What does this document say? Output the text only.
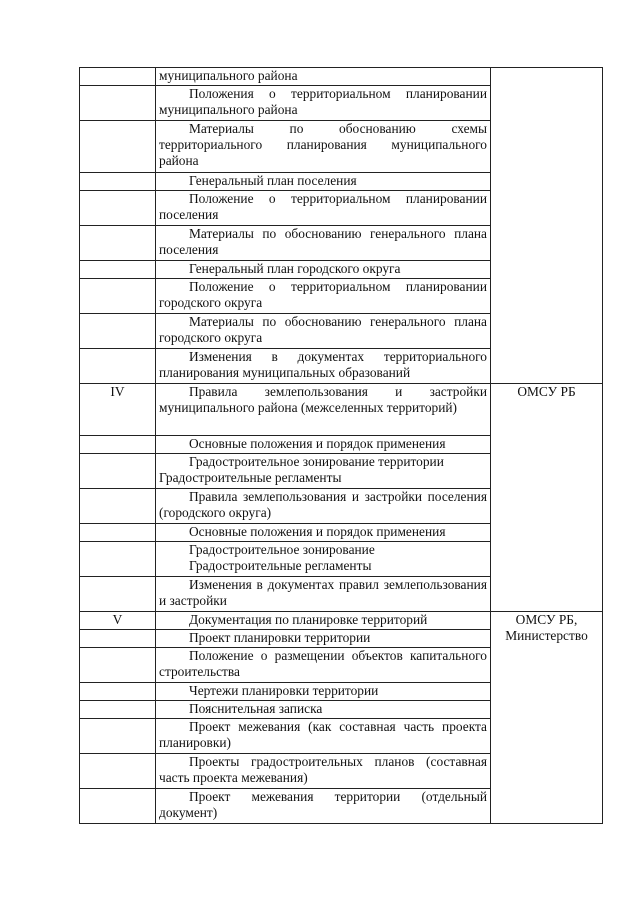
	муниципального района	
	Положения о территориальном планировании муниципального района	
	Материалы по обоснованию схемы территориального планирования муниципального района	
	Генеральный план поселения	
	Положение о территориальном планировании поселения	
	Материалы по обоснованию генерального плана поселения	
	Генеральный план городского округа	
	Положение о территориальном планировании городского округа	
	Материалы по обоснованию генерального плана городского округа	
	Изменения в документах территориального планирования муниципальных образований	
IV	Правила землепользования и застройки муниципального района (межселенных территорий)	ОМСУ РБ
	Основные положения и порядок применения	
	Градостроительное зонирование территории
Градостроительные регламенты	

	Правила землепользования и застройки поселения (городского округа)	
	Основные положения и порядок применения	
	Градостроительное зонирование
Градостроительные регламенты	

	Изменения в документах правил землепользования и застройки	
V	Документация по планировке территорий	ОМСУ РБ, Министерство
	Проект планировки территории	
	Положение о размещении объектов капитального строительства	
	Чертежи планировки территории	
	Пояснительная записка	
	Проект межевания (как составная часть проекта планировки)	
	Проекты градостроительных планов (составная часть проекта межевания)	
	Проект межевания территории (отдельный документ)	
